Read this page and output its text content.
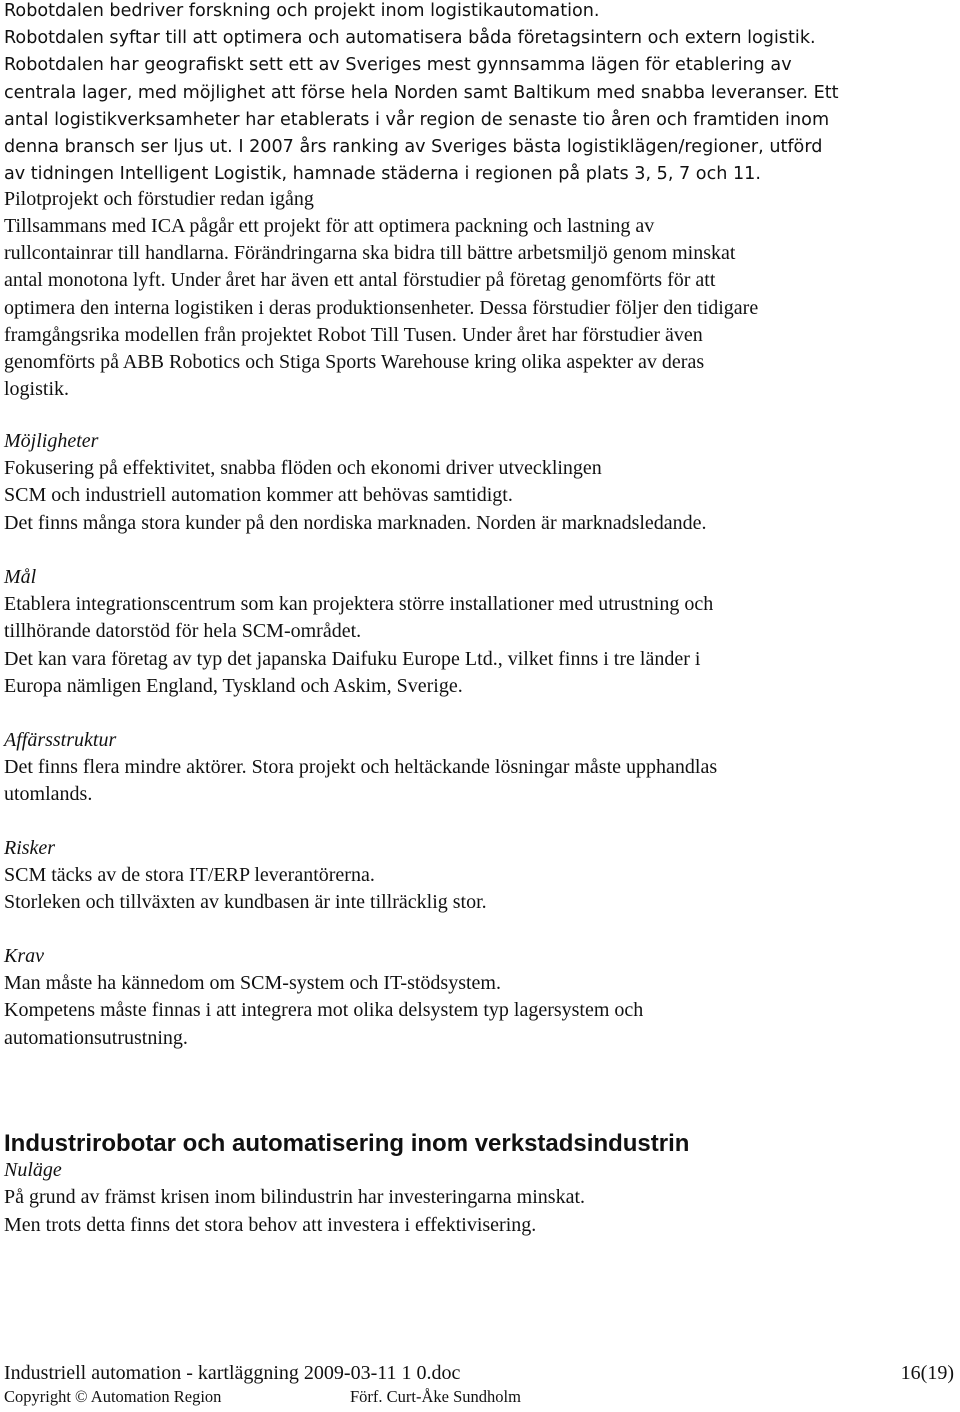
Robotdalen bedriver forskning och projekt inom logistikautomation.
Robotdalen syftar till att optimera och automatisera båda företagsintern och extern logistik.
Robotdalen har geografiskt sett ett av Sveriges mest gynnsamma lägen för etablering av
centrala lager, med möjlighet att förse hela Norden samt Baltikum med snabba leveranser. Ett
antal logistikverksamheter har etablerats i vår region de senaste tio åren och framtiden inom
denna bransch ser ljus ut. I 2007 års ranking av Sveriges bästa logistiklägen/regioner, utförd
av tidningen Intelligent Logistik, hamnade städerna i regionen på plats 3, 5, 7 och 11.
Pilotprojekt och förstudier redan igång
Tillsammans med ICA pågår ett projekt för att optimera packning och lastning av
rullcontainrar till handlarna. Förändringarna ska bidra till bättre arbetsmiljö genom minskat
antal monotona lyft. Under året har även ett antal förstudier på företag genomförts för att
optimera den interna logistiken i deras produktionsenheter. Dessa förstudier följer den tidigare
framgångsrika modellen från projektet Robot Till Tusen. Under året har förstudier även
genomförts på ABB Robotics och Stiga Sports Warehouse kring olika aspekter av deras
logistik.
Möjligheter
Fokusering på effektivitet, snabba flöden och ekonomi driver utvecklingen
SCM och industriell automation kommer att behövas samtidigt.
Det finns många stora kunder på den nordiska marknaden. Norden är marknadsledande.
Mål
Etablera integrationscentrum som kan projektera större installationer med utrustning och
tillhörande datorstöd för hela SCM-området.
Det kan vara företag av typ det japanska Daifuku Europe Ltd., vilket finns i tre länder i
Europa nämligen England, Tyskland och Askim, Sverige.
Affärsstruktur
Det finns flera mindre aktörer. Stora projekt och heltäckande lösningar måste upphandlas
utomlands.
Risker
SCM täcks av de stora IT/ERP leverantörerna.
Storleken och tillväxten av kundbasen är inte tillräcklig stor.
Krav
Man måste ha kännedom om SCM-system och IT-stödsystem.
Kompetens måste finnas i att integrera mot olika delsystem typ lagersystem och
automationsutrustning.
Industrirobotar och automatisering inom verkstadsindustrin
Nuläge
På grund av främst krisen inom bilindustrin har investeringarna minskat.
Men trots detta finns det stora behov att investera i effektivisering.
Industriell automation - kartläggning 2009-03-11 1 0.doc	16(19)
Copyright © Automation Region	Förf. Curt-Åke Sundholm
